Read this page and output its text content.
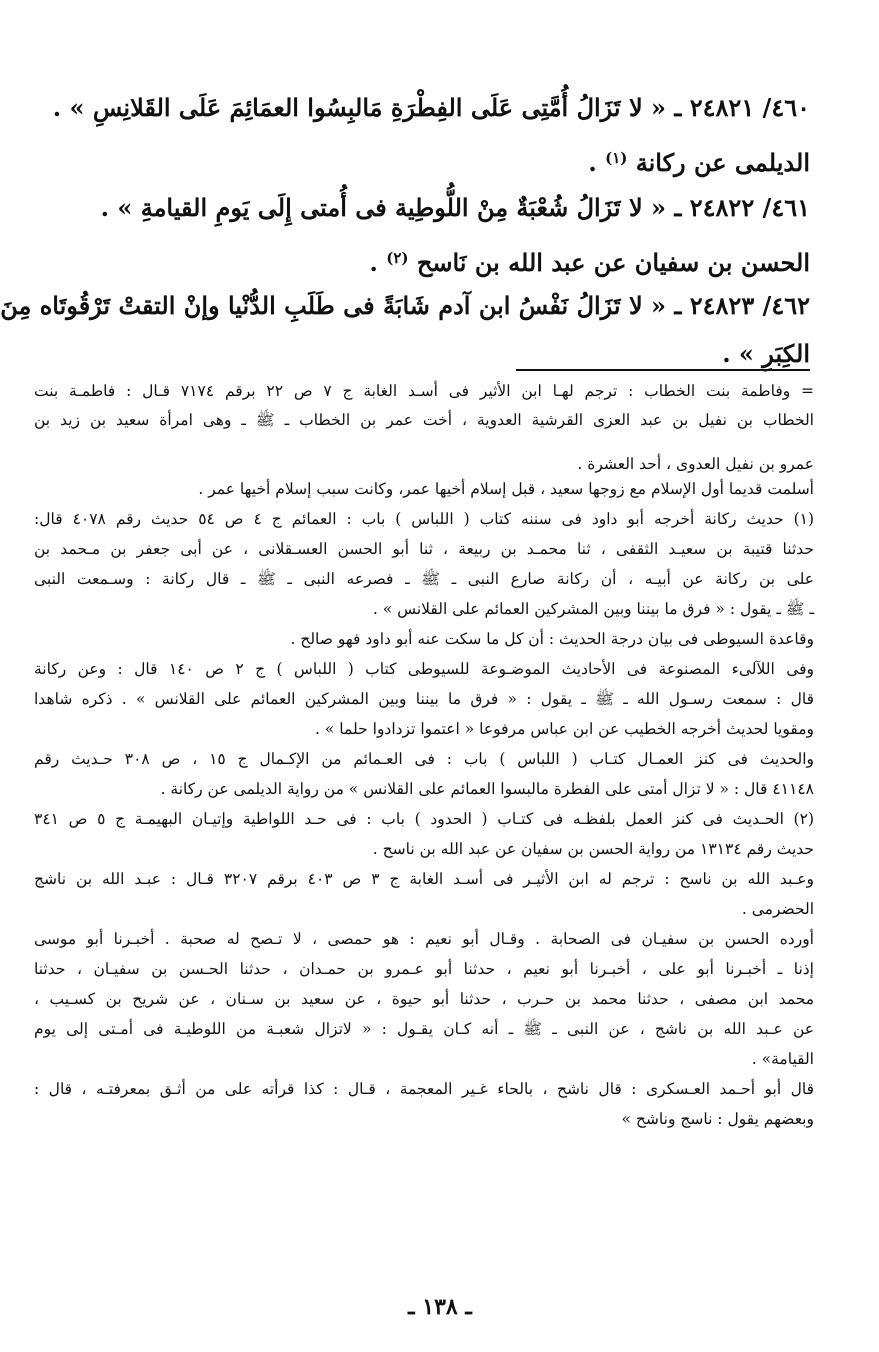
٤٦٠/ ٢٤٨٢١ ـ « لا تَزَالُ أُمَّتِى عَلَى الفِطْرَةِ مَالبِسُوا العمَائِمَ عَلَى القَلانِسِ » .
الديلمى عن ركانة $^{(١)}$ .
٤٦١/ ٢٤٨٢٢ ـ « لا تَزَالُ شُعْبَةٌ مِنْ اللُّوطِية فى أُمتى إِلَى يَومِ القيامةِ » .
الحسن بن سفيان عن عبد الله بن نَاسح $^{(٢)}$ .
٤٦٢/ ٢٤٨٢٣ ـ « لا تَزَالُ نَفْسُ ابن آدم شَابَةً فى طَلَبِ الدُّنْيا وإنْ التقتْ تَرْقُوتَاه مِنَ
الكِبَرِ » .
= وفاطمة بنت الخطاب : ترجم لهـا ابن الأثير فى أسـد الغابة ج ٧ ص ٢٢ برقم ٧١٧٤ قـال : فاطمـة بنت
الخطاب بن نفيل بن عبد العزى القرشية العدوية ، أخت عمر بن الخطاب ـ ﷺ ـ وهى امرأة سعيد بن زيد بن
عمرو بن نفيل العدوى ، أحد العشرة .
أسلمت قديما أول الإسلام مع زوجها سعيد ، قبل إسلام أخيها عمر، وكانت سبب إسلام أخيها عمر .
(١) حديث ركانة أخرجه أبو داود فى سننه كتاب ( اللباس ) باب : العمائم ج ٤ ص ٥٤ حديث رقم ٤٠٧٨ قال:
حدثنا قتيبة بن سعيـد الثقفى ، ثنا محمـد بن ربيعة ، ثنا أبو الحسن العسـقلانى ، عن أبى جعفر بن مـحمد بن
على بن ركانة عن أبيـه ، أن ركانة صارع النبى ـ ﷺ ـ فصرعه النبى ـ ﷺ ـ قال ركانة : وسـمعت النبى
ـ ﷺ ـ يقول : « فرق ما بيننا وبين المشركين العمائم على القلانس » .
وقاعدة السيوطى فى بيان درجة الحديث : أن كل ما سكت عنه أبو داود فهو صالح .
وفى اللآلىء المصنوعة فى الأحاديث الموضـوعة للسيوطى كتاب ( اللباس ) ج ٢ ص ١٤٠ قال : وعن ركانة
قال : سمعت رسـول الله ـ ﷺ ـ يقول : « فرق ما بيننا وبين المشركين العمائم على القلانس » . ذكره شاهدا
ومقويا لحديث أخرجه الخطيب عن ابن عباس مرفوعا « اعتموا تزدادوا حلما » .
والحديث فى كنز العمـال كتـاب ( اللباس ) باب : فى العـمائم من الإكـمال ج ١٥ ، ص ٣٠٨ حـديث رقم
٤١١٤٨ قال : « لا تزال أمتى على الفطرة مالبسوا العمائم على القلانس » من رواية الديلمى عن ركانة .
(٢) الحـديث فى كنز العمل بلفظـه فى كتـاب ( الحدود ) باب : فى حـد اللواطية وإتيـان البهيمـة ج ٥ ص ٣٤١
حديث رقم ١٣١٣٤ من رواية الحسن بن سفيان عن عبد الله بن ناسح .
وعـبد الله بن ناسح : ترجم له ابن الأثيـر فى أسـد الغابة ج ٣ ص ٤٠٣ برقم ٣٢٠٧ قـال : عبـد الله بن ناشج
الحضرمى .
أورده الحسن بن سفيـان فى الصحابة . وقـال أبو نعيم : هو حمصى ، لا تـصح له صحبة . أخبـرنا أبو موسى
إذنا ـ أخبـرنا أبو على ، أخبـرنا أبو نعيم ، حدثنا أبو عـمرو بن حمـدان ، حدثنا الحـسن بن سفيـان ، حدثنا
محمد ابن مصفى ، حدثنا محمد بن حـرب ، حدثنا أبو حيوة ، عن سعيد بن سـنان ، عن شريح بن كسـيب ،
عن عـبد الله بن ناشج ، عن النبى ـ ﷺ ـ أنه كـان يقـول : « لاتزال شعبـة من اللوطيـة فى أمـتى إلى يوم
القيامة» .
قال أبو أحـمد العـسكرى : قال ناشح ، بالحاء غـير المعجمة ، قـال : كذا قرأته على من أثـق بمعرفتـه ، قال :
وبعضهم يقول : ناسج وناشح »
ـ ١٣٨ ـ
